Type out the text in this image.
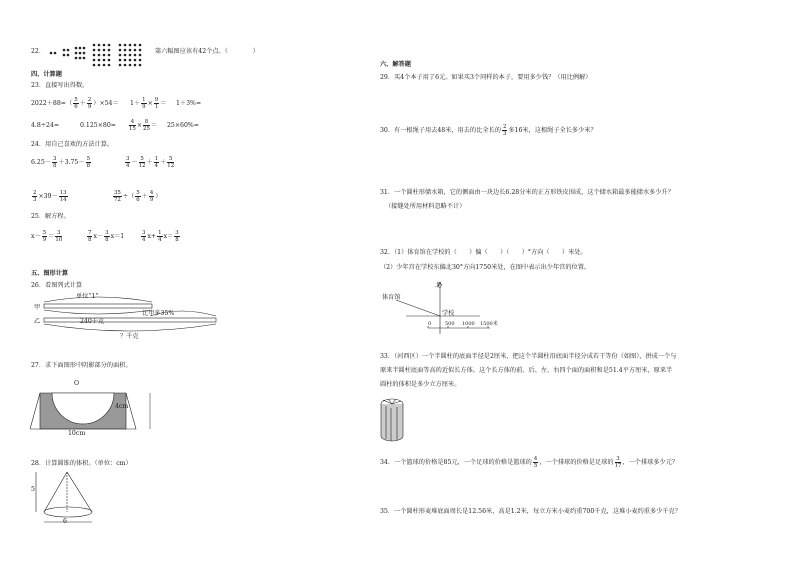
22．	第六幅图应该有42个点。（　　　　）
四、计算题
23．直接写出得数。
$2022+88=( \frac{5}{6} + \frac{2}{9} )\times 54= 1+ \frac{1}{9} \times \frac{9}{1} = 1+3\%=$
4.8÷24=	$0.125\times 80= \frac{4}{15} \times \frac{8}{25} = 25\times 60\%=$
24．用自己喜欢的方法计算。
$6.25- \frac{3}{8} +3.75- \frac{5}{8}$	$\frac{3}{4} - \frac{5}{12} + \frac{1}{4} + \frac{5}{12}$
$\frac{2}{3} \times 39- \frac{13}{14}$	$\frac{35}{72}$ ÷（ $\frac{5}{6} + \frac{4}{9}$ ）
25．解方程。
$x- \frac{5}{9} = \frac{3}{10}$	$\frac{7}{8} x- \frac{3}{8} x=1$	$\frac{3}{4} x+ \frac{1}{4} x= \frac{3}{8}$
五、图形计算
26．看图列式计算
甲
乙
单位“1”
比甲多35%
240千克
？千克
27．求下面图形中阴影部分的面积。
O
4cm
10cm
28．计算圆锥的体积。（单位：cm）
5
6
六、解答题
29．买4个本子用了6元。如果买3个同样的本子，要用多少钱？（用比例解）
30．有一根绳子用去48米，用去的比全长的 $\frac{2}{3}$ 多16米，这根绳子全长多少米？
31．一个圆柱形储水箱，它的侧面由一块边长6.28分米的正方形铁皮围成，这个储水箱最多能储水多少升？
（接缝处所用材料忽略不计）
32．（1）体育馆在学校的（　　）偏（　　）（　　）°方向（　　）米处。
（2）少年宫在学校东偏北30°方向1750米处，在图中表示出少年宫的位置。
北
体育馆
学校
0	500 1000 1500米
33．（河西区）一个半圆柱的底面半径是2厘米，把这个半圆柱沿底面半径分成若干等份（如图），拼成一个与
原来半圆柱底面等高的近似长方体。这个长方体的前、后、左、右四个面的面积和是51.4平方厘米，原来半
圆柱的体积是多少立方厘米。
34．一个篮球的价格是85元，一个足球的价格是篮球的 $\frac{4}{5}$ ，一个排球的价格是足球的 $\frac{3}{17}$ ，一个排球多少元？
35．一个圆柱形麦堆底面周长是12.56米，高是1.2米，每立方米小麦约重700千克，这堆小麦约重多少千克？
